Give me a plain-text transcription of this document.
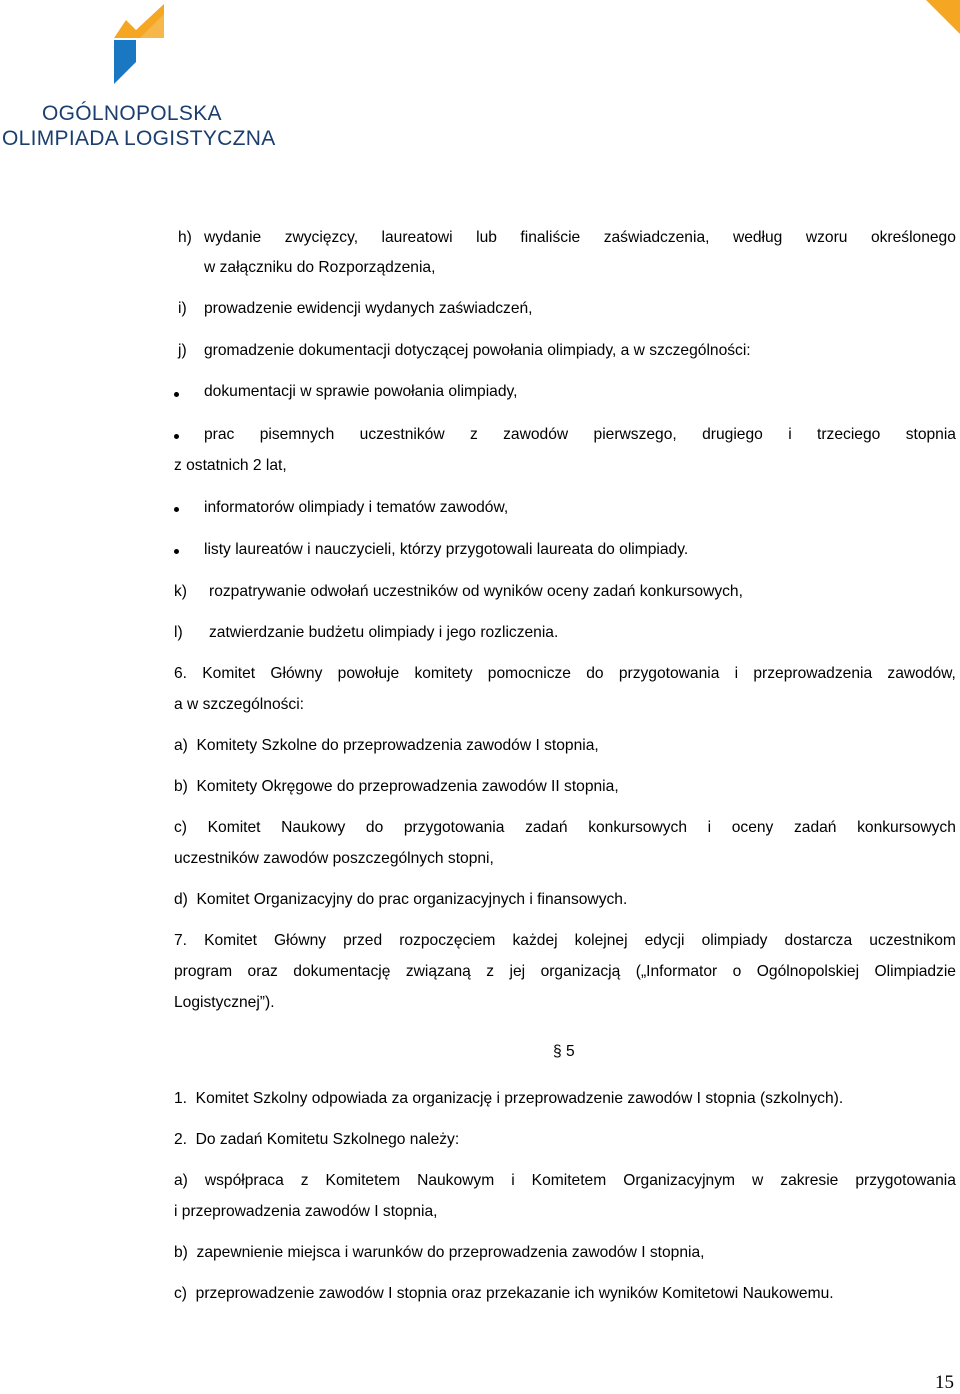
OGÓLNOPOLSKA
OLIMPIADA LOGISTYCZNA
h) wydanie zwycięzcy, laureatowi lub finaliście zaświadczenia, według wzoru określonego
w załączniku do Rozporządzenia,
i) prowadzenie ewidencji wydanych zaświadczeń,
j) gromadzenie dokumentacji dotyczącej powołania olimpiady, a w szczególności:
dokumentacji w sprawie powołania olimpiady,
prac pisemnych uczestników z zawodów pierwszego, drugiego i trzeciego stopnia
z ostatnich 2 lat,
informatorów olimpiady i tematów zawodów,
listy laureatów i nauczycieli, którzy przygotowali laureata do olimpiady.
k) rozpatrywanie odwołań uczestników od wyników oceny zadań konkursowych,
l) zatwierdzanie budżetu olimpiady i jego rozliczenia.
6. Komitet Główny powołuje komitety pomocnicze do przygotowania i przeprowadzenia zawodów,
a w szczególności:
a)  Komitety Szkolne do przeprowadzenia zawodów I stopnia,
b)  Komitety Okręgowe do przeprowadzenia zawodów II stopnia,
c) Komitet Naukowy do przygotowania zadań konkursowych i oceny zadań konkursowych
uczestników zawodów poszczególnych stopni,
d)  Komitet Organizacyjny do prac organizacyjnych i finansowych.
7. Komitet Główny przed rozpoczęciem każdej kolejnej edycji olimpiady dostarcza uczestnikom
program oraz dokumentację związaną z jej organizacją („Informator o Ogólnopolskiej Olimpiadzie
Logistycznej”).
§ 5
1.  Komitet Szkolny odpowiada za organizację i przeprowadzenie zawodów I stopnia (szkolnych).
2.  Do zadań Komitetu Szkolnego należy:
a) współpraca z Komitetem Naukowym i Komitetem Organizacyjnym w zakresie przygotowania
i przeprowadzenia zawodów I stopnia,
b)  zapewnienie miejsca i warunków do przeprowadzenia zawodów I stopnia,
c)  przeprowadzenie zawodów I stopnia oraz przekazanie ich wyników Komitetowi Naukowemu.
15
